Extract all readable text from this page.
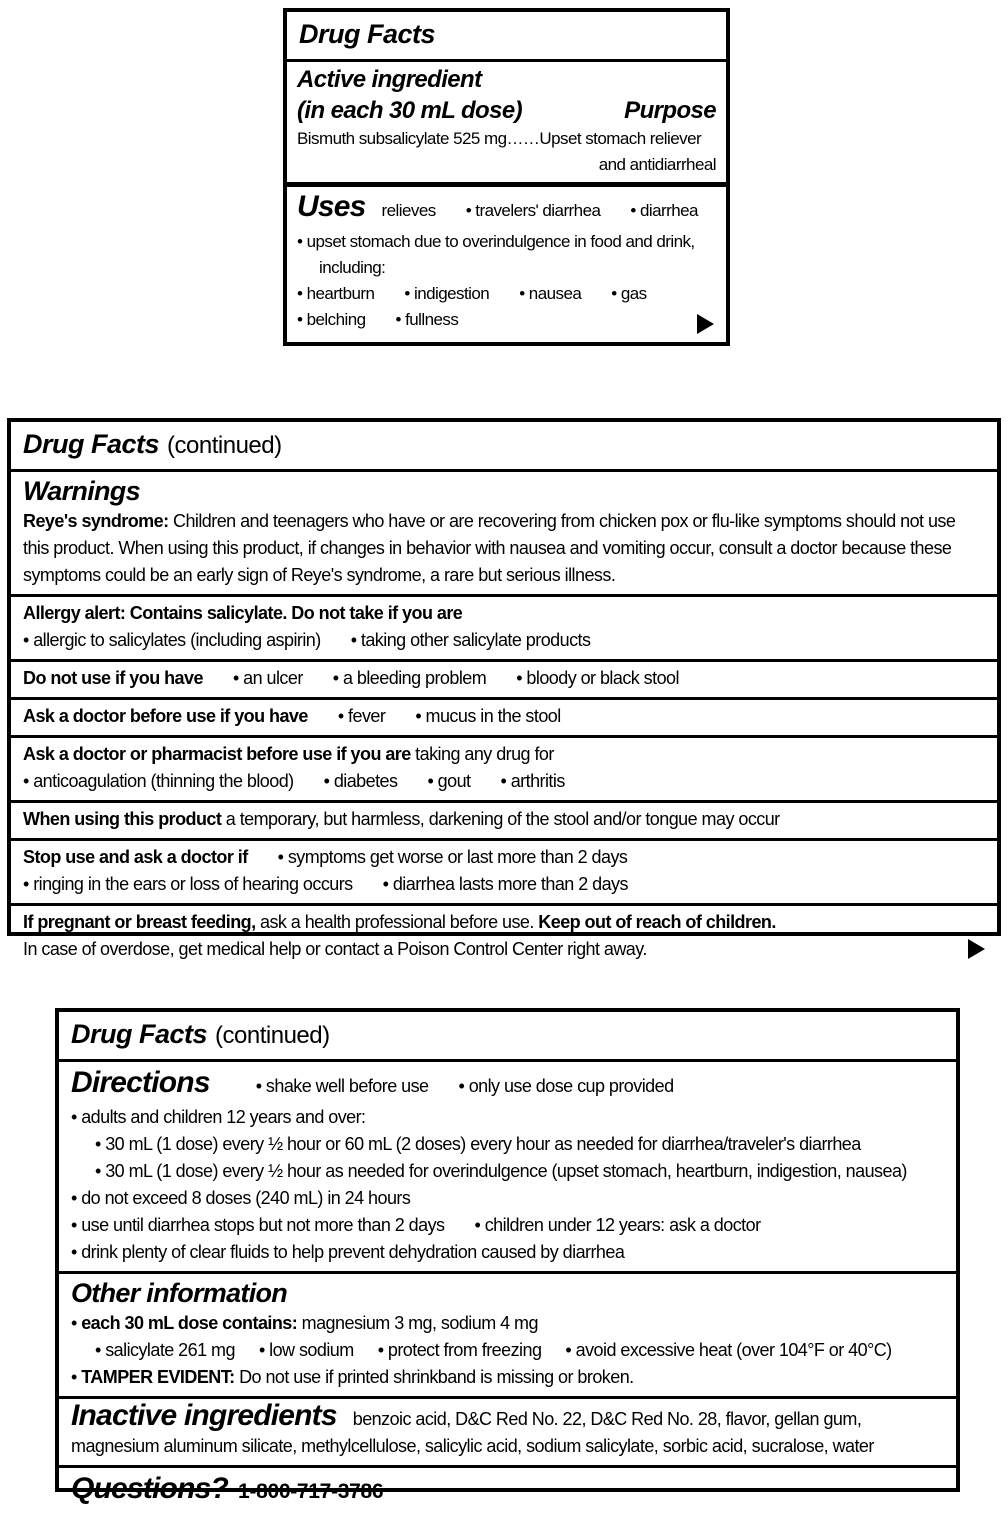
Drug Facts
Active ingredient
(in each 30 mL dose)	Purpose
Bismuth subsalicylate 525 mg……Upset stomach reliever
and antidiarrheal
Uses relieves • travelers' diarrhea • diarrhea
• upset stomach due to overindulgence in food and drink, including:
• heartburn • indigestion • nausea • gas
• belching • fullness
Drug Facts (continued)
Warnings
Reye's syndrome: Children and teenagers who have or are recovering from chicken pox or flu-like symptoms should not use this product. When using this product, if changes in behavior with nausea and vomiting occur, consult a doctor because these symptoms could be an early sign of Reye's syndrome, a rare but serious illness.
Allergy alert: Contains salicylate. Do not take if you are
• allergic to salicylates (including aspirin) • taking other salicylate products
Do not use if you have • an ulcer • a bleeding problem • bloody or black stool
Ask a doctor before use if you have • fever • mucus in the stool
Ask a doctor or pharmacist before use if you are taking any drug for
• anticoagulation (thinning the blood) • diabetes • gout • arthritis
When using this product a temporary, but harmless, darkening of the stool and/or tongue may occur
Stop use and ask a doctor if • symptoms get worse or last more than 2 days
• ringing in the ears or loss of hearing occurs • diarrhea lasts more than 2 days
If pregnant or breast feeding, ask a health professional before use. Keep out of reach of children.
In case of overdose, get medical help or contact a Poison Control Center right away.
Drug Facts (continued)
Directions	• shake well before use • only use dose cup provided
• adults and children 12 years and over:
• 30 mL (1 dose) every ½ hour or 60 mL (2 doses) every hour as needed for diarrhea/traveler's diarrhea
• 30 mL (1 dose) every ½ hour as needed for overindulgence (upset stomach, heartburn, indigestion, nausea)
• do not exceed 8 doses (240 mL) in 24 hours
• use until diarrhea stops but not more than 2 days • children under 12 years: ask a doctor
• drink plenty of clear fluids to help prevent dehydration caused by diarrhea
Other information
• each 30 mL dose contains: magnesium 3 mg, sodium 4 mg
• salicylate 261 mg • low sodium • protect from freezing • avoid excessive heat (over 104°F or 40°C)
• TAMPER EVIDENT: Do not use if printed shrinkband is missing or broken.
Inactive ingredients benzoic acid, D&C Red No. 22, D&C Red No. 28, flavor, gellan gum, magnesium aluminum silicate, methylcellulose, salicylic acid, sodium salicylate, sorbic acid, sucralose, water
Questions? 1-800-717-3786
